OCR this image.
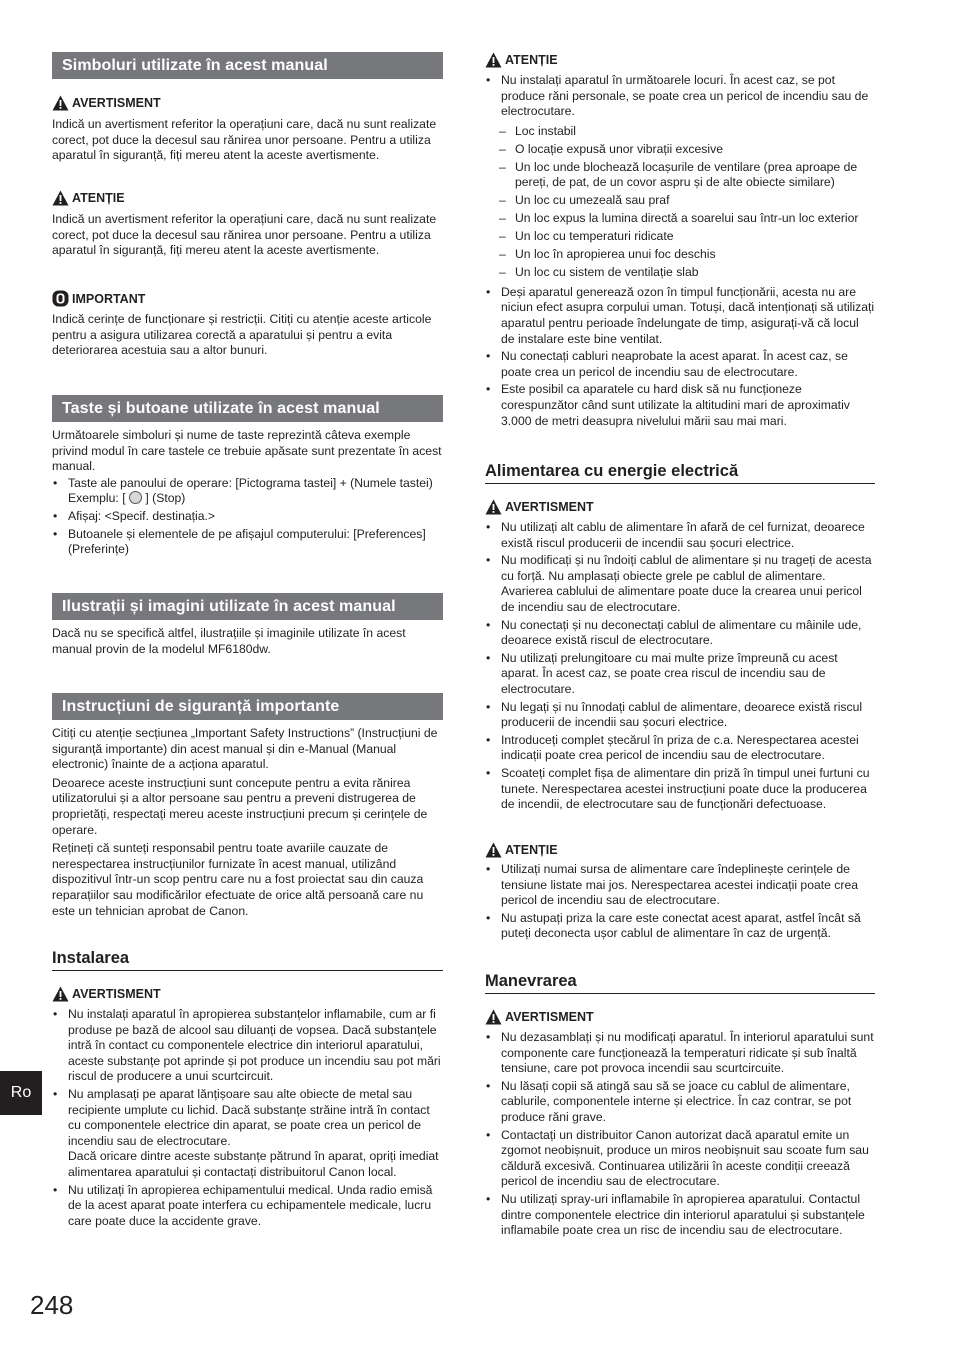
Simboluri utilizate în acest manual
AVERTISMENT

Indică un avertisment referitor la operațiuni care, dacă nu sunt realizate corect, pot duce la decesul sau rănirea unor persoane. Pentru a utiliza aparatul în siguranță, fiți mereu atent la aceste avertismente.

ATENȚIE

Indică un avertisment referitor la operațiuni care, dacă nu sunt realizate corect, pot duce la decesul sau rănirea unor persoane. Pentru a utiliza aparatul în siguranță, fiți mereu atent la aceste avertismente.

IMPORTANT

Indică cerințe de funcționare și restricții. Citiți cu atenție aceste articole pentru a asigura utilizarea corectă a aparatului și pentru a evita deteriorarea acestuia sau a altor bunuri.

Taste și butoane utilizate în acest manual

Următoarele simboluri și nume de taste reprezintă câteva exemple privind modul în care tastele ce trebuie apăsate sunt prezentate în acest manual.

• Taste ale panoului de operare: [Pictograma tastei] + (Numele tastei)
Exemplu: [ ] (Stop)
• Afișaj: <Specif. destinația.>
• Butoanele și elementele de pe afișajul computerului: [Preferences] (Preferințe)
Ilustrații și imagini utilizate în acest manual

Dacă nu se specifică altfel, ilustrațiile și imaginile utilizate în acest manual provin de la modelul MF6180dw.

Instrucțiuni de siguranță importante

Citiți cu atenție secțiunea „Important Safety Instructions” (Instrucțiuni de siguranță importante) din acest manual și din e-Manual (Manual electronic) înainte de a acționa aparatul.

Deoarece aceste instrucțiuni sunt concepute pentru a evita rănirea utilizatorului și a altor persoane sau pentru a preveni distrugerea de proprietăți, respectați mereu aceste instrucțiuni precum și cerințele de operare.

Rețineți că sunteți responsabil pentru toate avariile cauzate de nerespectarea instrucțiunilor furnizate în acest manual, utilizând dispozitivul într-un scop pentru care nu a fost proiectat sau din cauza reparațiilor sau modificărilor efectuate de orice altă persoană care nu este un tehnician aprobat de Canon.

Instalarea
AVERTISMENT
• Nu instalați aparatul în apropierea substanțelor inflamabile, cum ar fi produse pe bază de alcool sau diluanți de vopsea. Dacă substanțele intră în contact cu componentele electrice din interiorul aparatului, aceste substanțe pot aprinde și pot produce un incendiu sau pot mări riscul de producere a unui scurtcircuit.
• Nu amplasați pe aparat lănțișoare sau alte obiecte de metal sau recipiente umplute cu lichid. Dacă substanțe străine intră în contact cu componentele electrice din aparat, se poate crea un pericol de incendiu sau de electrocutare.
Dacă oricare dintre aceste substanțe pătrund în aparat, opriți imediat alimentarea aparatului și contactați distribuitorul Canon local.
• Nu utilizați în apropierea echipamentului medical. Unda radio emisă de la acest aparat poate interfera cu echipamentele medicale, lucru care poate duce la accidente grave.
ATENȚIE
• Nu instalați aparatul în următoarele locuri. În acest caz, se pot produce răni personale, se poate crea un pericol de incendiu sau de electrocutare.
– Loc instabil
– O locație expusă unor vibrații excesive
– Un loc unde blochează locașurile de ventilare (prea aproape de pereți, de pat, de un covor aspru și de alte obiecte similare)
– Un loc cu umezeală sau praf
– Un loc expus la lumina directă a soarelui sau într-un loc exterior
– Un loc cu temperaturi ridicate
– Un loc în apropierea unui foc deschis
– Un loc cu sistem de ventilație slab
• Deși aparatul generează ozon în timpul funcționării, acesta nu are niciun efect asupra corpului uman. Totuși, dacă intenționați să utilizați aparatul pentru perioade îndelungate de timp, asigurați-vă că locul de instalare este bine ventilat.
• Nu conectați cabluri neaprobate la acest aparat. În acest caz, se poate crea un pericol de incendiu sau de electrocutare.
• Este posibil ca aparatele cu hard disk să nu funcționeze corespunzător când sunt utilizate la altitudini mari de aproximativ 3.000 de metri deasupra nivelului mării sau mai mari.
Alimentarea cu energie electrică
AVERTISMENT
• Nu utilizați alt cablu de alimentare în afară de cel furnizat, deoarece există riscul producerii de incendii sau șocuri electrice.
• Nu modificați și nu îndoiți cablul de alimentare și nu trageți de acesta cu forță. Nu amplasați obiecte grele pe cablul de alimentare. Avarierea cablului de alimentare poate duce la crearea unui pericol de incendiu sau de electrocutare.
• Nu conectați și nu deconectați cablul de alimentare cu mâinile ude, deoarece există riscul de electrocutare.
• Nu utilizați prelungitoare cu mai multe prize împreună cu acest aparat. În acest caz, se poate crea riscul de incendiu sau de electrocutare.
• Nu legați și nu înnodați cablul de alimentare, deoarece există riscul producerii de incendii sau șocuri electrice.
• Introduceți complet ștecărul în priza de c.a. Nerespectarea acestei indicații poate crea pericol de incendiu sau de electrocutare.
• Scoateți complet fișa de alimentare din priză în timpul unei furtuni cu tunete. Nerespectarea acestei instrucțiuni poate duce la producerea de incendii, de electrocutare sau de funcționări defectuoase.
ATENȚIE
• Utilizați numai sursa de alimentare care îndeplinește cerințele de tensiune listate mai jos. Nerespectarea acestei indicații poate crea pericol de incendiu sau de electrocutare.
• Nu astupați priza la care este conectat acest aparat, astfel încât să puteți deconecta ușor cablul de alimentare în caz de urgență.
Manevrarea
AVERTISMENT
• Nu dezasamblați și nu modificați aparatul. În interiorul aparatului sunt componente care funcționează la temperaturi ridicate și sub înaltă tensiune, care pot provoca incendii sau scurtcircuite.
• Nu lăsați copii să atingă sau să se joace cu cablul de alimentare, cablurile, componentele interne și electrice. În caz contrar, se pot produce răni grave.
• Contactați un distribuitor Canon autorizat dacă aparatul emite un zgomot neobișnuit, produce un miros neobișnuit sau scoate fum sau căldură excesivă. Continuarea utilizării în aceste condiții creează pericol de incendiu sau de electrocutare.
• Nu utilizați spray-uri inflamabile în apropierea aparatului. Contactul dintre componentele electrice din interiorul aparatului și substanțele inflamabile poate crea un risc de incendiu sau de electrocutare.
Ro
248
